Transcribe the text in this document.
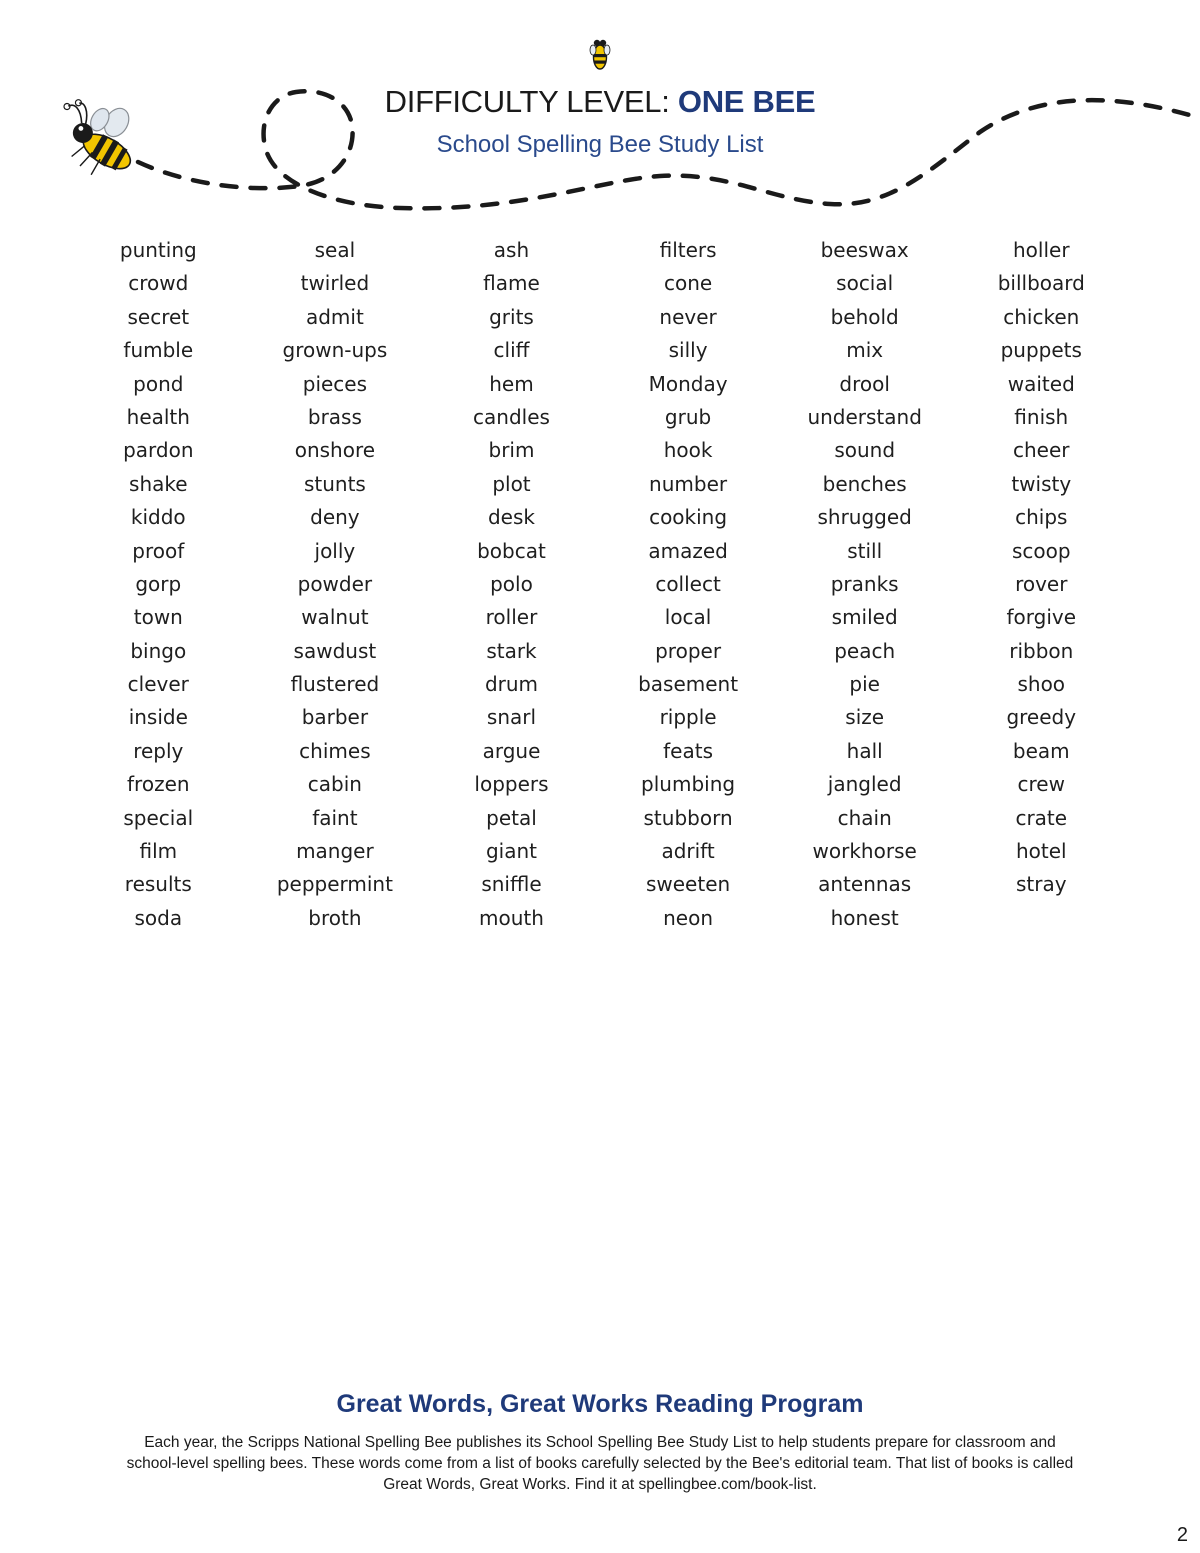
DIFFICULTY LEVEL: ONE BEE
School Spelling Bee Study List
punting
crowd
secret
fumble
pond
health
pardon
shake
kiddo
proof
gorp
town
bingo
clever
inside
reply
frozen
special
film
results
soda
seal
twirled
admit
grown-ups
pieces
brass
onshore
stunts
deny
jolly
powder
walnut
sawdust
flustered
barber
chimes
cabin
faint
manger
peppermint
broth
ash
flame
grits
cliff
hem
candles
brim
plot
desk
bobcat
polo
roller
stark
drum
snarl
argue
loppers
petal
giant
sniffle
mouth
filters
cone
never
silly
Monday
grub
hook
number
cooking
amazed
collect
local
proper
basement
ripple
feats
plumbing
stubborn
adrift
sweeten
neon
beeswax
social
behold
mix
drool
understand
sound
benches
shrugged
still
pranks
smiled
peach
pie
size
hall
jangled
chain
workhorse
antennas
honest
holler
billboard
chicken
puppets
waited
finish
cheer
twisty
chips
scoop
rover
forgive
ribbon
shoo
greedy
beam
crew
crate
hotel
stray
Great Words, Great Works Reading Program
Each year, the Scripps National Spelling Bee publishes its School Spelling Bee Study List to help students prepare for classroom and
school-level spelling bees. These words come from a list of books carefully selected by the Bee's editorial team. That list of books is called
Great Words, Great Works. Find it at spellingbee.com/book-list.
2
